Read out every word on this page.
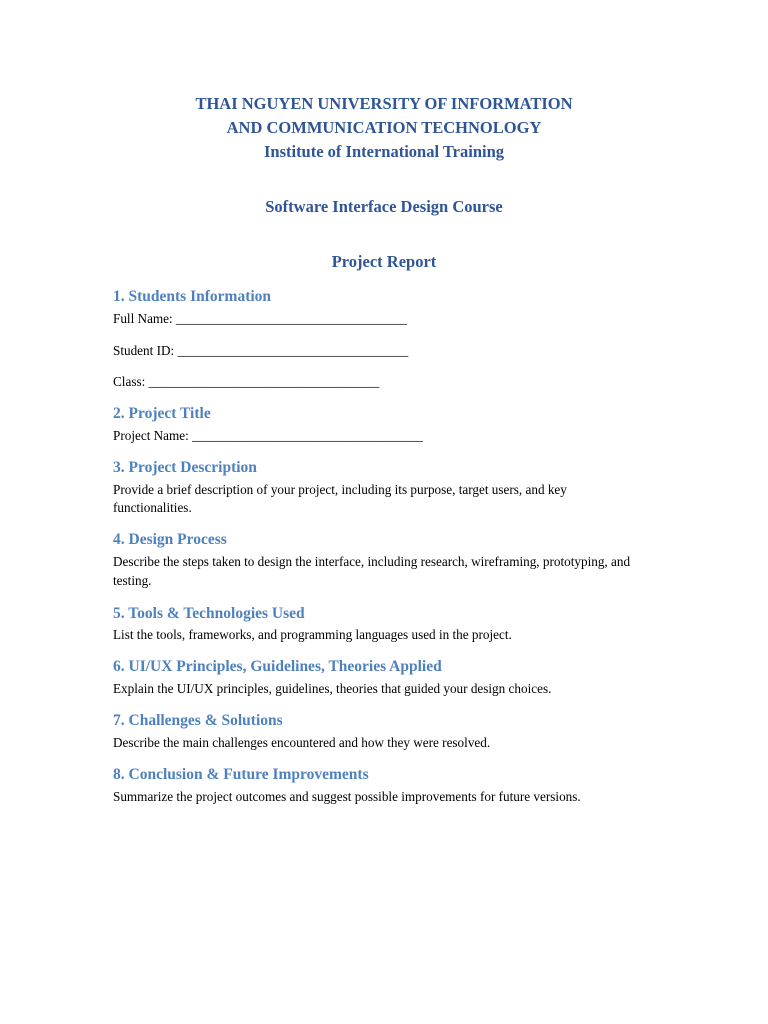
THAI NGUYEN UNIVERSITY OF INFORMATION
AND COMMUNICATION TECHNOLOGY
Institute of International Training
Software Interface Design Course
Project Report
1. Students Information
Full Name: ___________________________________
Student ID: ___________________________________
Class: ___________________________________
2. Project Title
Project Name: ___________________________________
3. Project Description
Provide a brief description of your project, including its purpose, target users, and key
functionalities.
4. Design Process
Describe the steps taken to design the interface, including research, wireframing, prototyping, and
testing.
5. Tools & Technologies Used
List the tools, frameworks, and programming languages used in the project.
6. UI/UX Principles, Guidelines, Theories Applied
Explain the UI/UX principles, guidelines, theories that guided your design choices.
7. Challenges & Solutions
Describe the main challenges encountered and how they were resolved.
8. Conclusion & Future Improvements
Summarize the project outcomes and suggest possible improvements for future versions.
